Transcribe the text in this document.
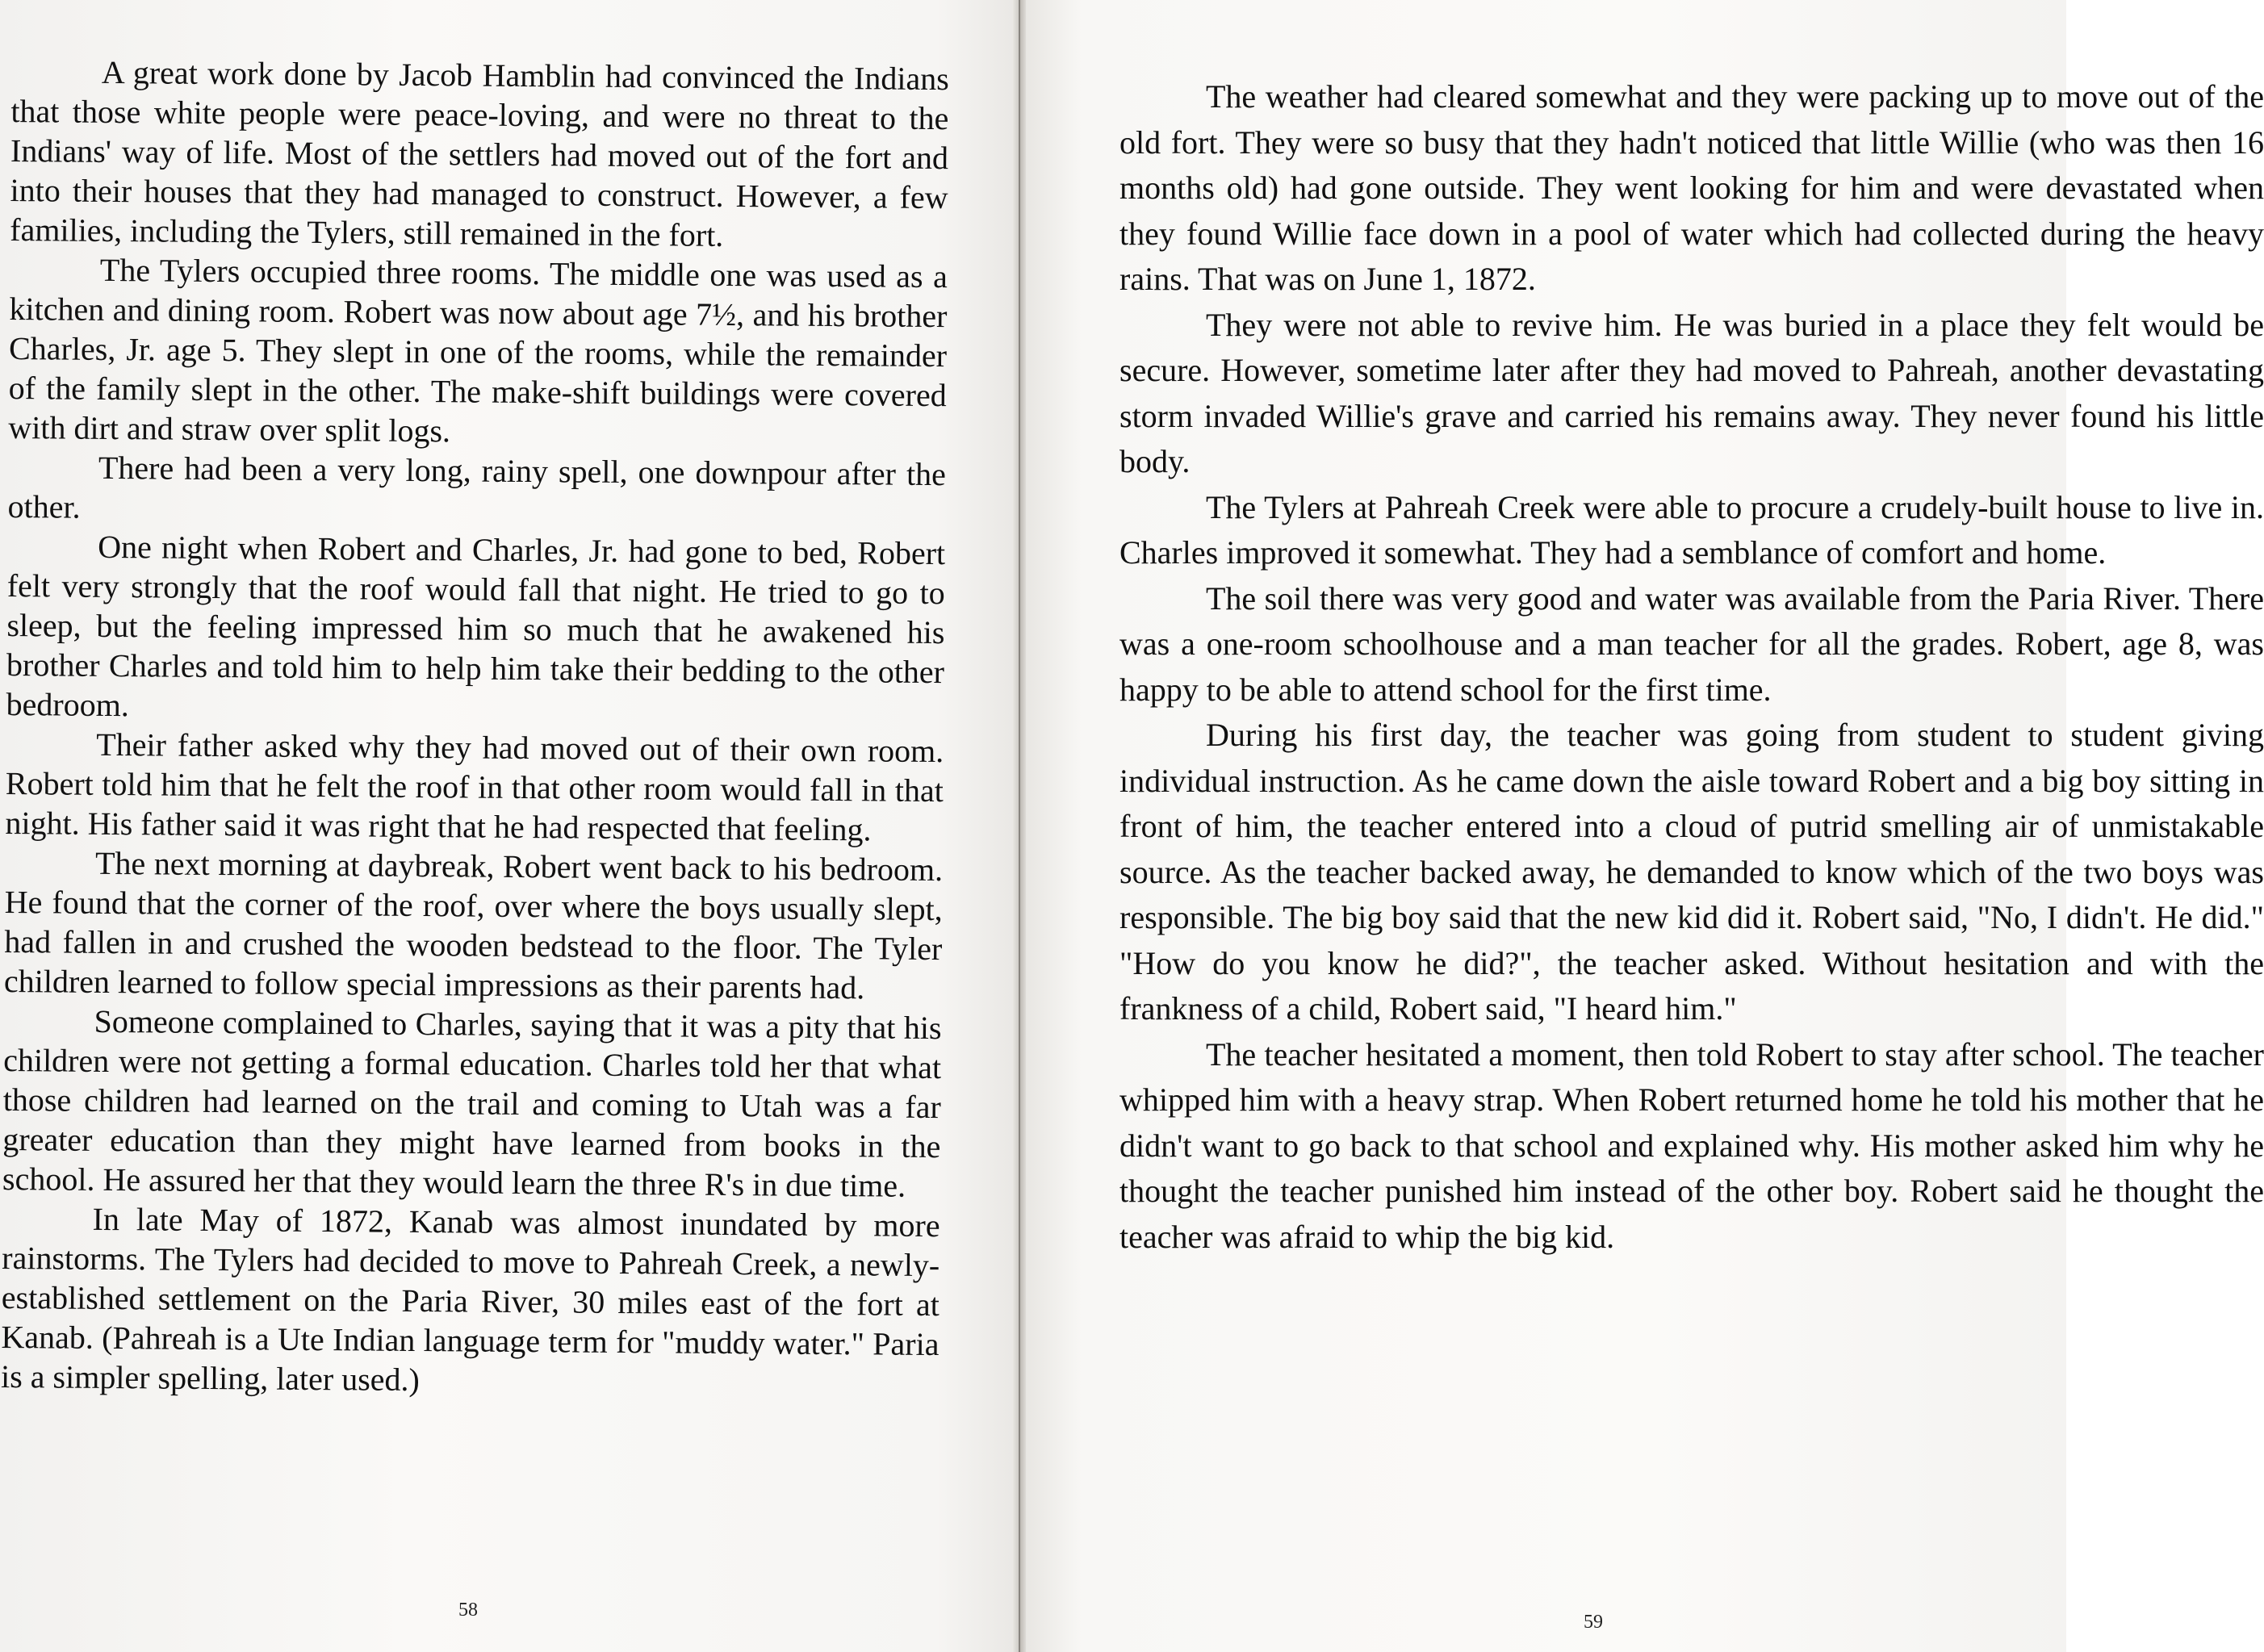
A great work done by Jacob Hamblin had convinced the Indians that those white people were peace-loving, and were no threat to the Indians' way of life. Most of the settlers had moved out of the fort and into their houses that they had managed to construct. However, a few families, including the Tylers, still remained in the fort.

The Tylers occupied three rooms. The middle one was used as a kitchen and dining room. Robert was now about age 7½, and his brother Charles, Jr. age 5. They slept in one of the rooms, while the remainder of the family slept in the other. The make-shift buildings were covered with dirt and straw over split logs.

There had been a very long, rainy spell, one downpour after the other.

One night when Robert and Charles, Jr. had gone to bed, Robert felt very strongly that the roof would fall that night. He tried to go to sleep, but the feeling impressed him so much that he awakened his brother Charles and told him to help him take their bedding to the other bedroom.

Their father asked why they had moved out of their own room. Robert told him that he felt the roof in that other room would fall in that night. His father said it was right that he had respected that feeling.

The next morning at daybreak, Robert went back to his bedroom. He found that the corner of the roof, over where the boys usually slept, had fallen in and crushed the wooden bedstead to the floor. The Tyler children learned to follow special impressions as their parents had.

Someone complained to Charles, saying that it was a pity that his children were not getting a formal education. Charles told her that what those children had learned on the trail and coming to Utah was a far greater education than they might have learned from books in the school. He assured her that they would learn the three R's in due time.

In late May of 1872, Kanab was almost inundated by more rainstorms. The Tylers had decided to move to Pahreah Creek, a newly-established settlement on the Paria River, 30 miles east of the fort at Kanab. (Pahreah is a Ute Indian language term for "muddy water." Paria is a simpler spelling, later used.)

58

The weather had cleared somewhat and they were packing up to move out of the old fort. They were so busy that they hadn't noticed that little Willie (who was then 16 months old) had gone outside. They went looking for him and were devastated when they found Willie face down in a pool of water which had collected during the heavy rains. That was on June 1, 1872.

They were not able to revive him. He was buried in a place they felt would be secure. However, sometime later after they had moved to Pahreah, another devastating storm invaded Willie's grave and carried his remains away. They never found his little body.

The Tylers at Pahreah Creek were able to procure a crudely-built house to live in. Charles improved it somewhat. They had a semblance of comfort and home.

The soil there was very good and water was available from the Paria River. There was a one-room schoolhouse and a man teacher for all the grades. Robert, age 8, was happy to be able to attend school for the first time.

During his first day, the teacher was going from student to student giving individual instruction. As he came down the aisle toward Robert and a big boy sitting in front of him, the teacher entered into a cloud of putrid smelling air of unmistakable source. As the teacher backed away, he demanded to know which of the two boys was responsible. The big boy said that the new kid did it. Robert said, "No, I didn't. He did." "How do you know he did?", the teacher asked. Without hesitation and with the frankness of a child, Robert said, "I heard him."

The teacher hesitated a moment, then told Robert to stay after school. The teacher whipped him with a heavy strap. When Robert returned home he told his mother that he didn't want to go back to that school and explained why. His mother asked him why he thought the teacher punished him instead of the other boy. Robert said he thought the teacher was afraid to whip the big kid.

59
